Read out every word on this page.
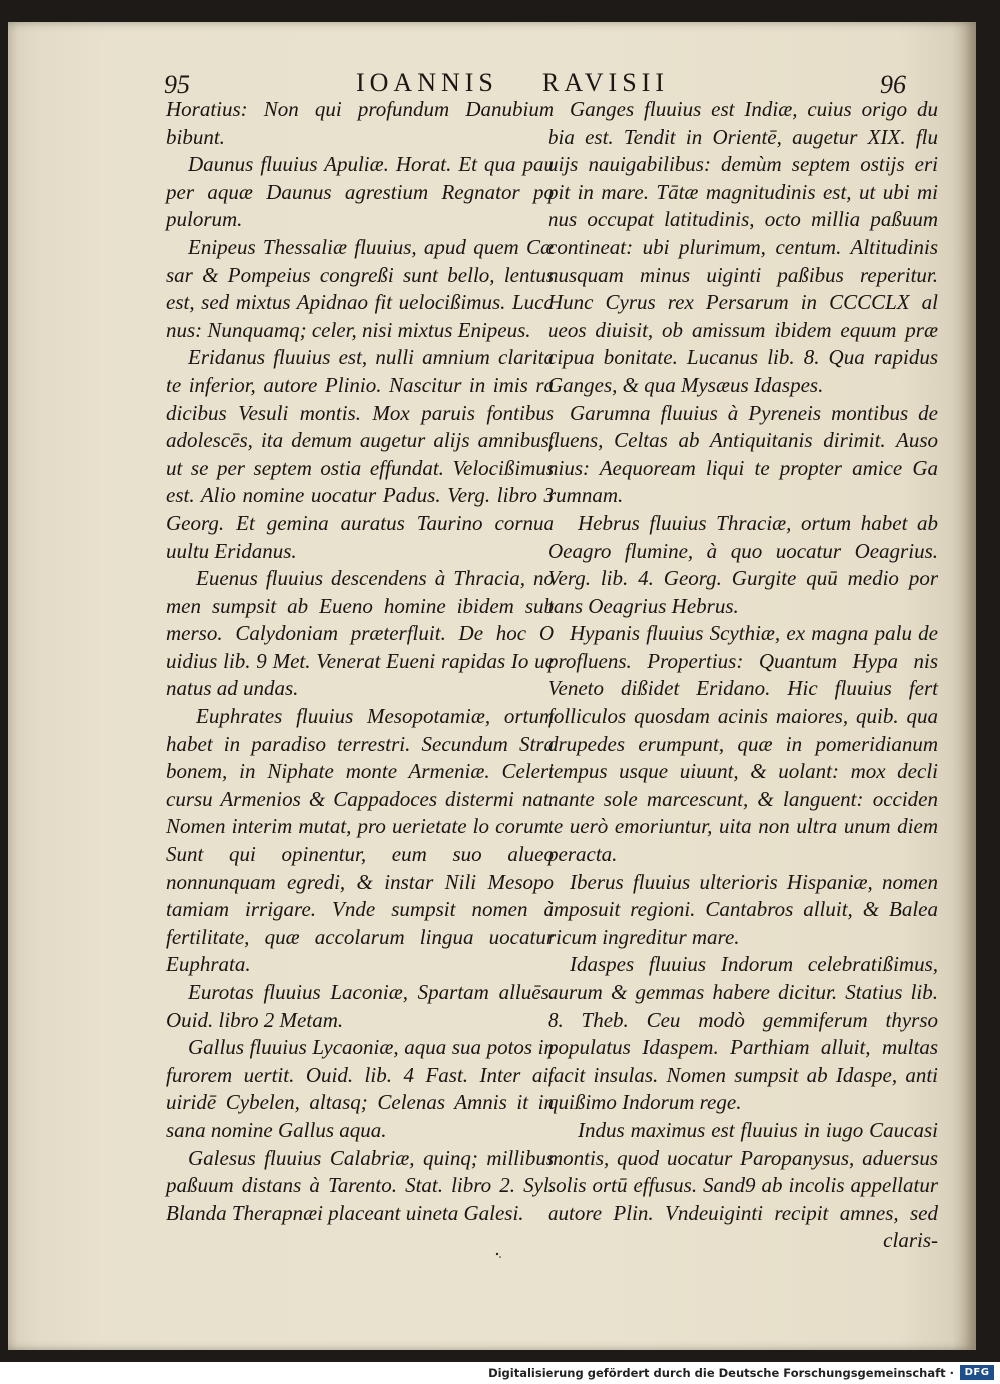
95	IOANNIS RAVISII	96

Horatius: Non qui profundum Danubium bibunt.

Daunus fluuius Apuliæ. Horat. Et qua pau per aquæ Daunus agrestium Regnator po pulorum.

Enipeus Thessaliæ fluuius, apud quem Cæ sar & Pompeius congreßi sunt bello, lentus est, sed mixtus Apidnao fit uelocißimus. Luca nus: Nunquamq; celer, nisi mixtus Enipeus.

Eridanus fluuius est, nulli amnium clarita te inferior, autore Plinio. Nascitur in imis ra dicibus Vesuli montis. Mox paruis fontibus adolescēs, ita demum augetur alijs amnibus, ut se per septem ostia effundat. Velocißimus est. Alio nomine uocatur Padus. Verg. libro 3 Georg. Et gemina auratus Taurino cornua uultu Eridanus.

Euenus fluuius descendens à Thracia, no men sumpsit ab Eueno homine ibidem sub merso. Calydoniam præterfluit. De hoc O uidius lib. 9 Met. Venerat Eueni rapidas Io ue natus ad undas.

Euphrates fluuius Mesopotamiæ, ortum habet in paradiso terrestri. Secundum Stra bonem, in Niphate monte Armeniæ. Celeri cursu Armenios & Cappadoces distermi nat. Nomen interim mutat, pro uerietate lo corum. Sunt qui opinentur, eum suo alueo nonnunquam egredi, & instar Nili Mesopo tamiam irrigare. Vnde sumpsit nomen à fertilitate, quæ accolarum lingua uocatur Euphrata.

Eurotas fluuius Laconiæ, Spartam alluēs. Ouid. libro 2 Metam.

Gallus fluuius Lycaoniæ, aqua sua potos in furorem uertit. Ouid. lib. 4 Fast. Inter ait uiridē Cybelen, altasq; Celenas Amnis it in sana nomine Gallus aqua.

Galesus fluuius Calabriæ, quinq; millibus paßuum distans à Tarento. Stat. libro 2. Syl. Blanda Therapnæi placeant uineta Galesi.

Ganges fluuius est Indiæ, cuius origo du bia est. Tendit in Orientē, augetur XIX. flu uijs nauigabilibus: demùm septem ostijs eri pit in mare. Tātæ magnitudinis est, ut ubi mi nus occupat latitudinis, octo millia paßuum contineat: ubi plurimum, centum. Altitudinis nusquam minus uiginti paßibus reperitur. Hunc Cyrus rex Persarum in CCCCLX al ueos diuisit, ob amissum ibidem equum præ cipua bonitate. Lucanus lib. 8. Qua rapidus Ganges, & qua Mysæus Idaspes.

Garumna fluuius à Pyreneis montibus de fluens, Celtas ab Antiquitanis dirimit. Auso nius: Aequoream liqui te propter amice Ga rumnam.

Hebrus fluuius Thraciæ, ortum habet ab Oeagro flumine, à quo uocatur Oeagrius. Verg. lib. 4. Georg. Gurgite quū medio por tans Oeagrius Hebrus.

Hypanis fluuius Scythiæ, ex magna palu de profluens. Propertius: Quantum Hypa nis Veneto dißidet Eridano. Hic fluuius fert folliculos quosdam acinis maiores, quib. qua drupedes erumpunt, quæ in pomeridianum tempus usque uiuunt, & uolant: mox decli nante sole marcescunt, & languent: occiden te uerò emoriuntur, uita non ultra unum diem peracta.

Iberus fluuius ulterioris Hispaniæ, nomen imposuit regioni. Cantabros alluit, & Balea ricum ingreditur mare.

Idaspes fluuius Indorum celebratißimus, aurum & gemmas habere dicitur. Statius lib. 8. Theb. Ceu modò gemmiferum thyrso populatus Idaspem. Parthiam alluit, multas facit insulas. Nomen sumpsit ab Idaspe, anti quißimo Indorum rege.

Indus maximus est fluuius in iugo Caucasi montis, quod uocatur Paropanysus, aduersus solis ortū effusus. Sand9 ab incolis appellatur autore Plin. Vndeuiginti recipit amnes, sed claris-

Digitalisierung gefördert durch die Deutsche Forschungsgemeinschaft ·	DFG
